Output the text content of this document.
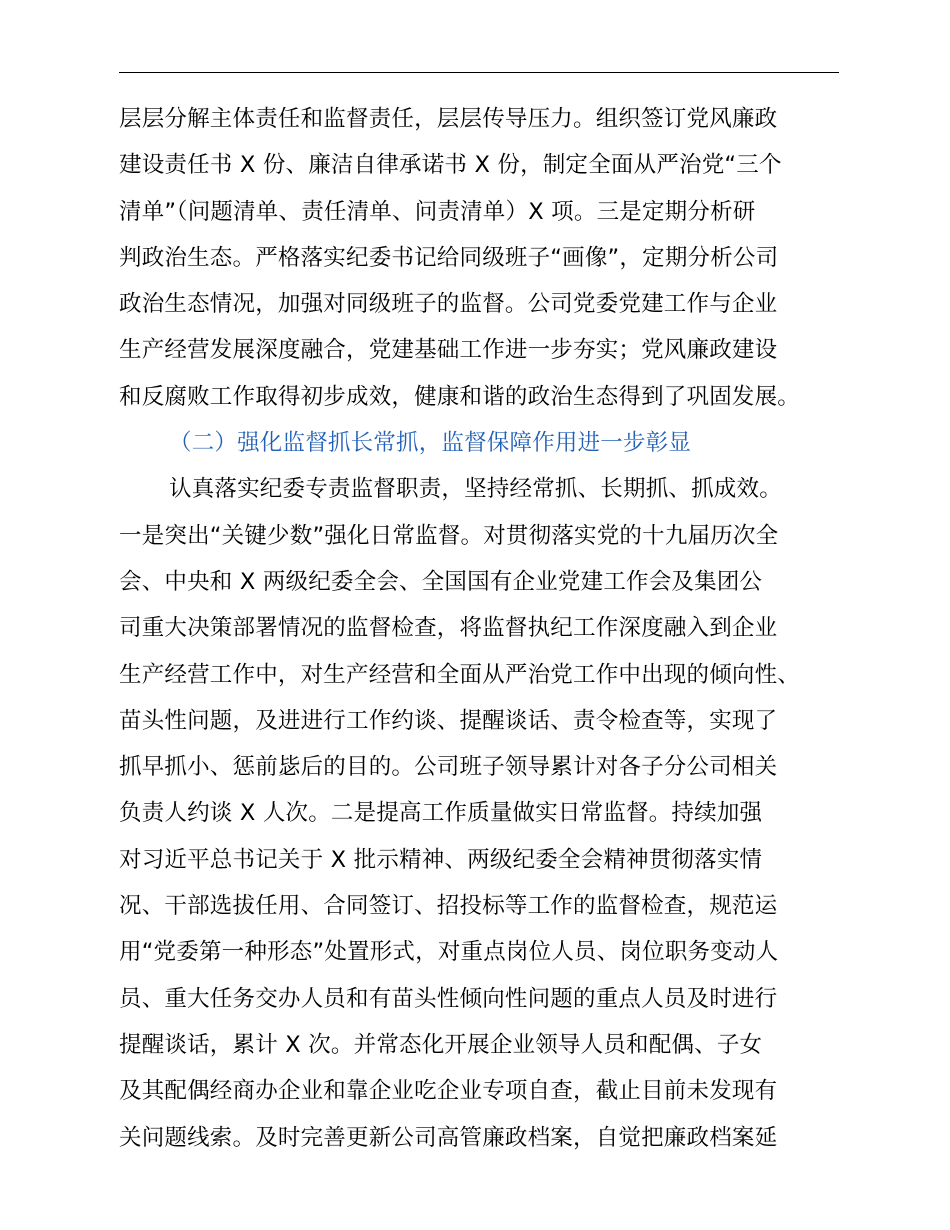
层层分解主体责任和监督责任，层层传导压力。组织签订党风廉政
建设责任书 X 份、廉洁自律承诺书 X 份，制定全面从严治党“三个
清单”（问题清单、责任清单、问责清单）X 项。三是定期分析研
判政治生态。严格落实纪委书记给同级班子“画像”，定期分析公司
政治生态情况，加强对同级班子的监督。公司党委党建工作与企业
生产经营发展深度融合，党建基础工作进一步夯实；党风廉政建设
和反腐败工作取得初步成效，健康和谐的政治生态得到了巩固发展。
（二）强化监督抓长常抓，监督保障作用进一步彰显
认真落实纪委专责监督职责，坚持经常抓、长期抓、抓成效。
一是突出“关键少数”强化日常监督。对贯彻落实党的十九届历次全
会、中央和 X 两级纪委全会、全国国有企业党建工作会及集团公
司重大决策部署情况的监督检查，将监督执纪工作深度融入到企业
生产经营工作中，对生产经营和全面从严治党工作中出现的倾向性、
苗头性问题，及进进行工作约谈、提醒谈话、责令检查等，实现了
抓早抓小、惩前毖后的目的。公司班子领导累计对各子分公司相关
负责人约谈 X 人次。二是提高工作质量做实日常监督。持续加强
对习近平总书记关于 X 批示精神、两级纪委全会精神贯彻落实情
况、干部选拔任用、合同签订、招投标等工作的监督检查，规范运
用“党委第一种形态”处置形式，对重点岗位人员、岗位职务变动人
员、重大任务交办人员和有苗头性倾向性问题的重点人员及时进行
提醒谈话，累计 X 次。并常态化开展企业领导人员和配偶、子女
及其配偶经商办企业和靠企业吃企业专项自查，截止目前未发现有
关问题线索。及时完善更新公司高管廉政档案，自觉把廉政档案延
